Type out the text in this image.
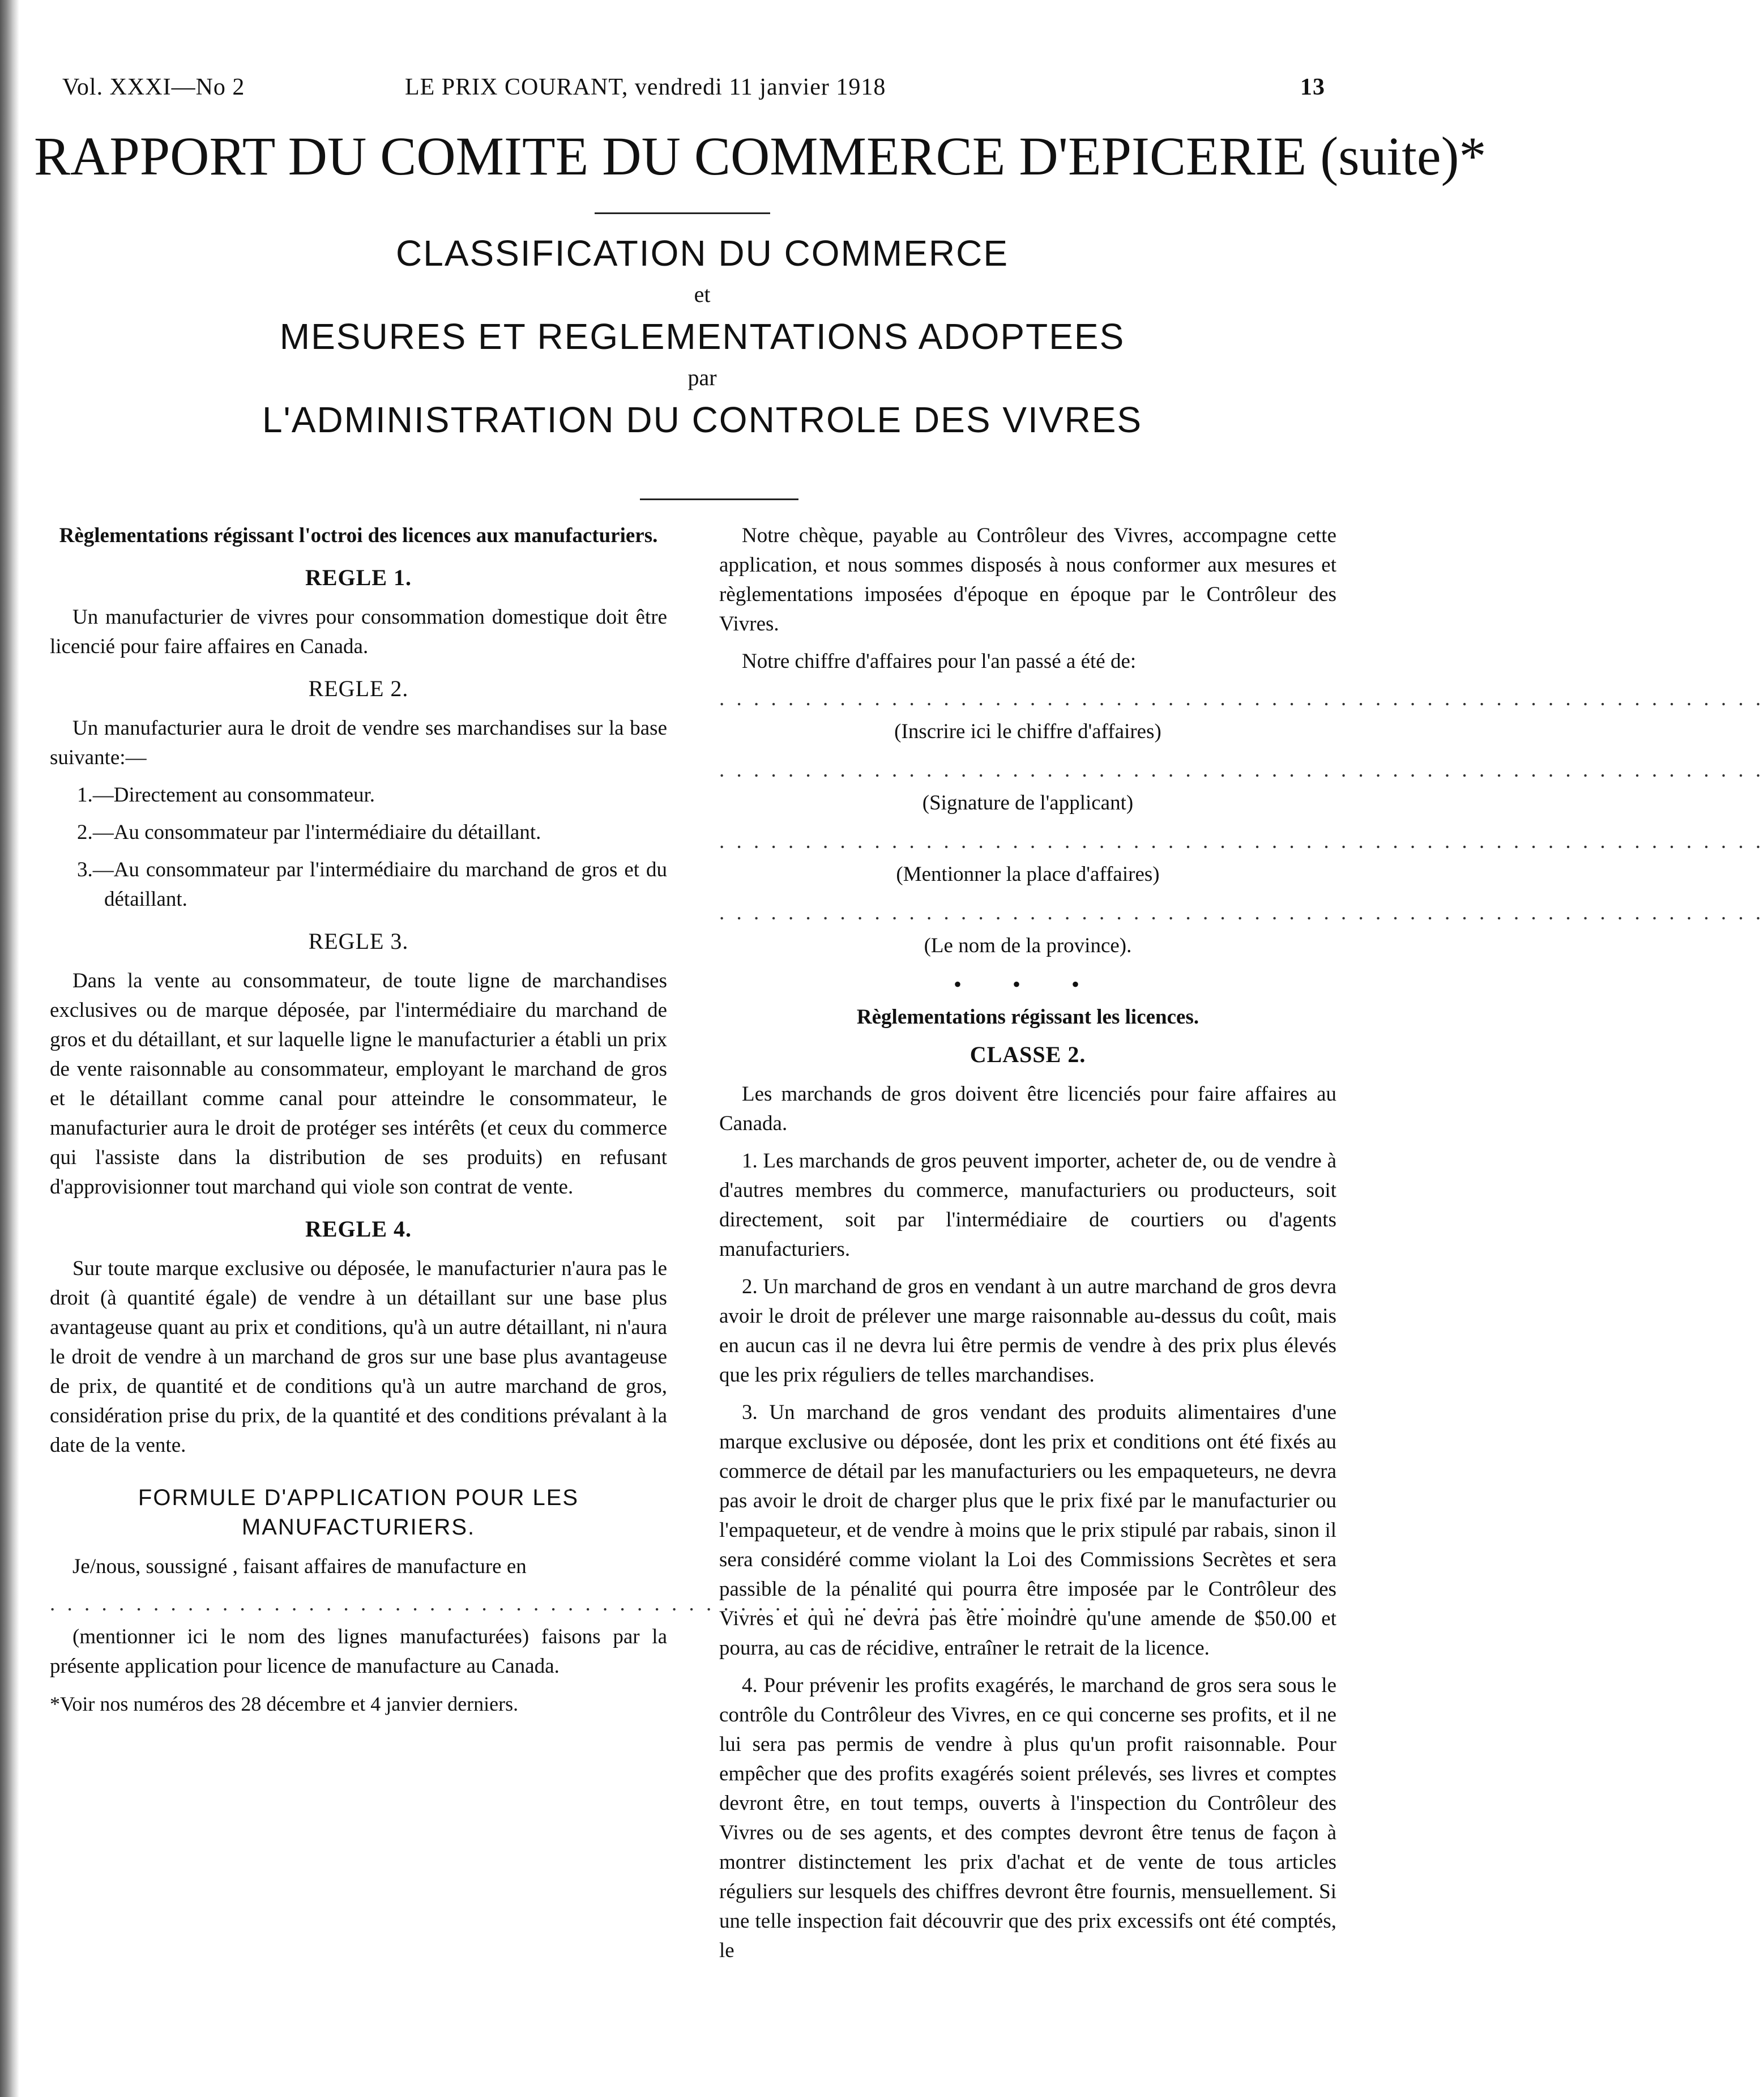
Vol. XXXI—No 2	LE PRIX COURANT, vendredi 11 janvier 1918	13
RAPPORT DU COMITE DU COMMERCE D'EPICERIE (suite)*
CLASSIFICATION DU COMMERCE
et
MESURES ET REGLEMENTATIONS ADOPTEES
par
L'ADMINISTRATION DU CONTROLE DES VIVRES

Règlementations régissant l'octroi des licences aux manufacturiers.

REGLE 1.

Un manufacturier de vivres pour consommation domestique doit être licencié pour faire affaires en Canada.

REGLE 2.

Un manufacturier aura le droit de vendre ses marchandises sur la base suivante:—

1.—Directement au consommateur.

2.—Au consommateur par l'intermédiaire du détaillant.

3.—Au consommateur par l'intermédiaire du marchand de gros et du détaillant.

REGLE 3.

Dans la vente au consommateur, de toute ligne de marchandises exclusives ou de marque déposée, par l'intermédiaire du marchand de gros et du détaillant, et sur laquelle ligne le manufacturier a établi un prix de vente raisonnable au consommateur, employant le marchand de gros et le détaillant comme canal pour atteindre le consommateur, le manufacturier aura le droit de protéger ses intérêts (et ceux du commerce qui l'assiste dans la distribution de ses produits) en refusant d'approvisionner tout marchand qui viole son contrat de vente.

REGLE 4.

Sur toute marque exclusive ou déposée, le manufacturier n'aura pas le droit (à quantité égale) de vendre à un détaillant sur une base plus avantageuse quant au prix et conditions, qu'à un autre détaillant, ni n'aura le droit de vendre à un marchand de gros sur une base plus avantageuse de prix, de quantité et de conditions qu'à un autre marchand de gros, considération prise du prix, de la quantité et des conditions prévalant à la date de la vente.

FORMULE D'APPLICATION POUR LES MANUFACTURIERS.

Je/nous, soussigné , faisant affaires de manufacture en

. . . . . . . . . . . . . . . . . . . . . . . . . . . . . . . . . . . . . . . . . . . . . . . . . . . . . . . . . . . . .

(mentionner ici le nom des lignes manufacturées) faisons par la présente application pour licence de manufacture au Canada.

*Voir nos numéros des 28 décembre et 4 janvier derniers.

Notre chèque, payable au Contrôleur des Vivres, accompagne cette application, et nous sommes disposés à nous conformer aux mesures et règlementations imposées d'époque en époque par le Contrôleur des Vivres.

Notre chiffre d'affaires pour l'an passé a été de:

. . . . . . . . . . . . . . . . . . . . . . . . . . . . . . . . . . . . . . . . . . . . . . . . . . . . . . . . . . . . .
(Inscrire ici le chiffre d'affaires)
. . . . . . . . . . . . . . . . . . . . . . . . . . . . . . . . . . . . . . . . . . . . . . . . . . . . . . . . . . . . .
(Signature de l'applicant)
. . . . . . . . . . . . . . . . . . . . . . . . . . . . . . . . . . . . . . . . . . . . . . . . . . . . . . . . . . . . .
(Mentionner la place d'affaires)
. . . . . . . . . . . . . . . . . . . . . . . . . . . . . . . . . . . . . . . . . . . . . . . . . . . . . . . . . . . . .
(Le nom de la province).
• • •

Règlementations régissant les licences.

CLASSE 2.

Les marchands de gros doivent être licenciés pour faire affaires au Canada.

1. Les marchands de gros peuvent importer, acheter de, ou de vendre à d'autres membres du commerce, manufacturiers ou producteurs, soit directement, soit par l'intermédiaire de courtiers ou d'agents manufacturiers.

2. Un marchand de gros en vendant à un autre marchand de gros devra avoir le droit de prélever une marge raisonnable au-dessus du coût, mais en aucun cas il ne devra lui être permis de vendre à des prix plus élevés que les prix réguliers de telles marchandises.

3. Un marchand de gros vendant des produits alimentaires d'une marque exclusive ou déposée, dont les prix et conditions ont été fixés au commerce de détail par les manufacturiers ou les empaqueteurs, ne devra pas avoir le droit de charger plus que le prix fixé par le manufacturier ou l'empaqueteur, et de vendre à moins que le prix stipulé par rabais, sinon il sera considéré comme violant la Loi des Commissions Secrètes et sera passible de la pénalité qui pourra être imposée par le Contrôleur des Vivres et qui ne devra pas être moindre qu'une amende de $50.00 et pourra, au cas de récidive, entraîner le retrait de la licence.

4. Pour prévenir les profits exagérés, le marchand de gros sera sous le contrôle du Contrôleur des Vivres, en ce qui concerne ses profits, et il ne lui sera pas permis de vendre à plus qu'un profit raisonnable. Pour empêcher que des profits exagérés soient prélevés, ses livres et comptes devront être, en tout temps, ouverts à l'inspection du Contrôleur des Vivres ou de ses agents, et des comptes devront être tenus de façon à montrer distinctement les prix d'achat et de vente de tous articles réguliers sur lesquels des chiffres devront être fournis, mensuellement. Si une telle inspection fait découvrir que des prix excessifs ont été comptés, le
